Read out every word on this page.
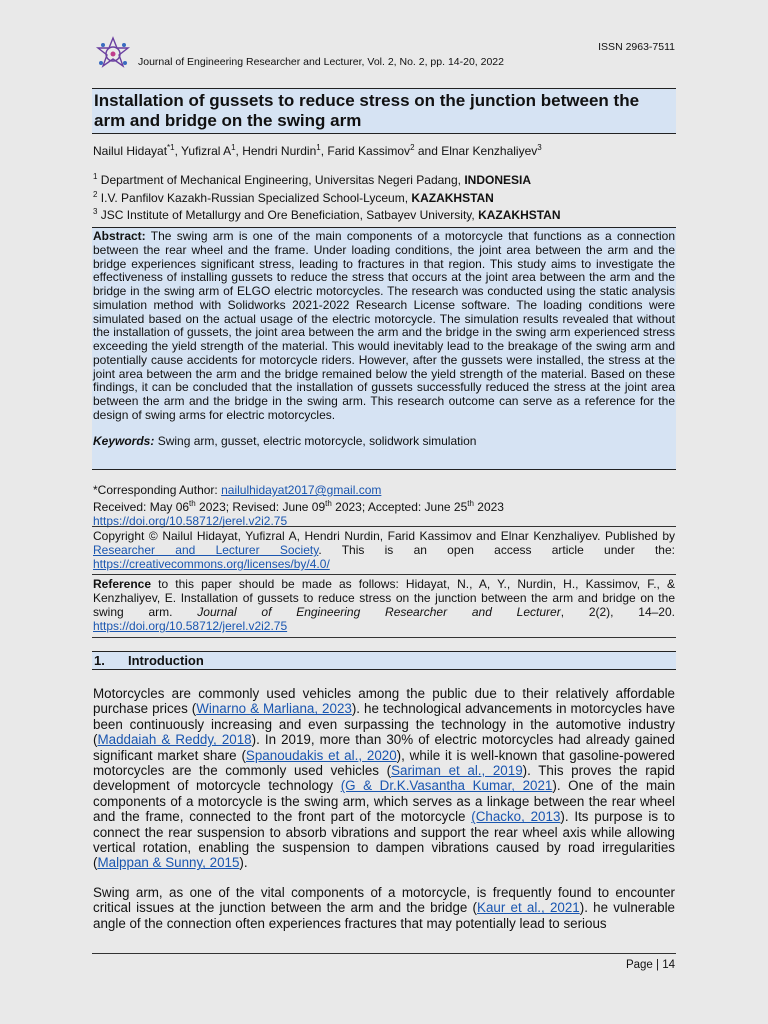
ISSN 2963-7511
Journal of Engineering Researcher and Lecturer, Vol. 2, No. 2, pp. 14-20, 2022
Installation of gussets to reduce stress on the junction between the arm and bridge on the swing arm
Nailul Hidayat$^{*1}$, Yufizral $A^1$, Hendri Nurdin$^1$, Farid Kassimov$^2$ and Elnar Kenzhaliyev$^3$
$^1$ Department of Mechanical Engineering, Universitas Negeri Padang, INDONESIA
$^2$ I.V. Panfilov Kazakh-Russian Specialized School-Lyceum, KAZAKHSTAN
$^3$ JSC Institute of Metallurgy and Ore Beneficiation, Satbayev University, KAZAKHSTAN

Abstract: The swing arm is one of the main components of a motorcycle that functions as a connection between the rear wheel and the frame. Under loading conditions, the joint area between the arm and the bridge experiences significant stress, leading to fractures in that region. This study aims to investigate the effectiveness of installing gussets to reduce the stress that occurs at the joint area between the arm and the bridge in the swing arm of ELGO electric motorcycles. The research was conducted using the static analysis simulation method with Solidworks 2021-2022 Research License software. The loading conditions were simulated based on the actual usage of the electric motorcycle. The simulation results revealed that without the installation of gussets, the joint area between the arm and the bridge in the swing arm experienced stress exceeding the yield strength of the material. This would inevitably lead to the breakage of the swing arm and potentially cause accidents for motorcycle riders. However, after the gussets were installed, the stress at the joint area between the arm and the bridge remained below the yield strength of the material. Based on these findings, it can be concluded that the installation of gussets successfully reduced the stress at the joint area between the arm and the bridge in the swing arm. This research outcome can serve as a reference for the design of swing arms for electric motorcycles.

Keywords: Swing arm, gusset, electric motorcycle, solidwork simulation

*Corresponding Author: nailulhidayat2017@gmail.com
Received: May 06th 2023; Revised: June 09th 2023; Accepted: June 25th 2023
https://doi.org/10.58712/jerel.v2i2.75
Copyright © Nailul Hidayat, Yufizral A, Hendri Nurdin, Farid Kassimov and Elnar Kenzhaliyev. Published by Researcher and Lecturer Society. This is an open access article under the: https://creativecommons.org/licenses/by/4.0/
Reference to this paper should be made as follows: Hidayat, N., A, Y., Nurdin, H., Kassimov, F., & Kenzhaliyev, E. Installation of gussets to reduce stress on the junction between the arm and bridge on the swing arm. Journal of Engineering Researcher and Lecturer, 2(2), 14–20. https://doi.org/10.58712/jerel.v2i2.75
1. Introduction

Motorcycles are commonly used vehicles among the public due to their relatively affordable purchase prices (Winarno & Marliana, 2023). he technological advancements in motorcycles have been continuously increasing and even surpassing the technology in the automotive industry (Maddaiah & Reddy, 2018). In 2019, more than 30% of electric motorcycles had already gained significant market share (Spanoudakis et al., 2020), while it is well-known that gasoline-powered motorcycles are the commonly used vehicles (Sariman et al., 2019). This proves the rapid development of motorcycle technology (G & Dr.K.Vasantha Kumar, 2021). One of the main components of a motorcycle is the swing arm, which serves as a linkage between the rear wheel and the frame, connected to the front part of the motorcycle (Chacko, 2013). Its purpose is to connect the rear suspension to absorb vibrations and support the rear wheel axis while allowing vertical rotation, enabling the suspension to dampen vibrations caused by road irregularities (Malppan & Sunny, 2015).

Swing arm, as one of the vital components of a motorcycle, is frequently found to encounter critical issues at the junction between the arm and the bridge (Kaur et al., 2021). he vulnerable angle of the connection often experiences fractures that may potentially lead to serious

Page | 14
